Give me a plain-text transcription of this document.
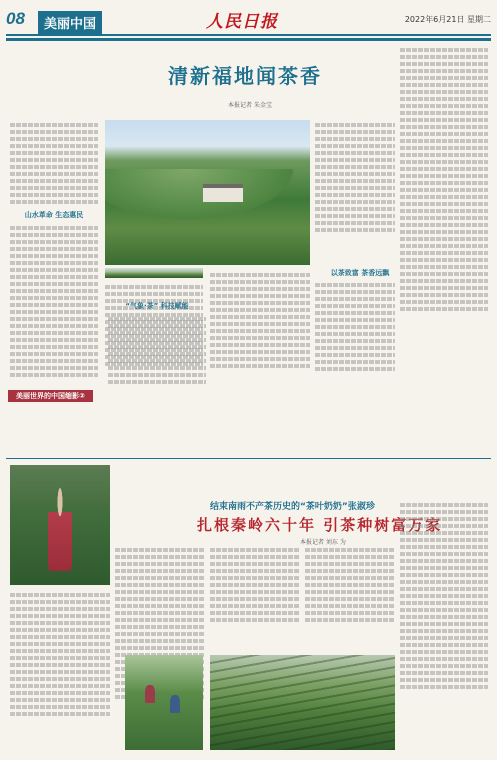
08	美丽中国	人民日报	2022年6月21日 星期二
清新福地闻茶香
本报记者 朱金宝
山水革命 生态惠民
“气象·茶” 科技赋能
以茶致富 茶香远飘
美丽世界的中国缩影②
结束南雨不产茶历史的“茶叶奶奶”张淑珍
扎根秦岭六十年 引茶种树富万家
本报记者 刘东 为
